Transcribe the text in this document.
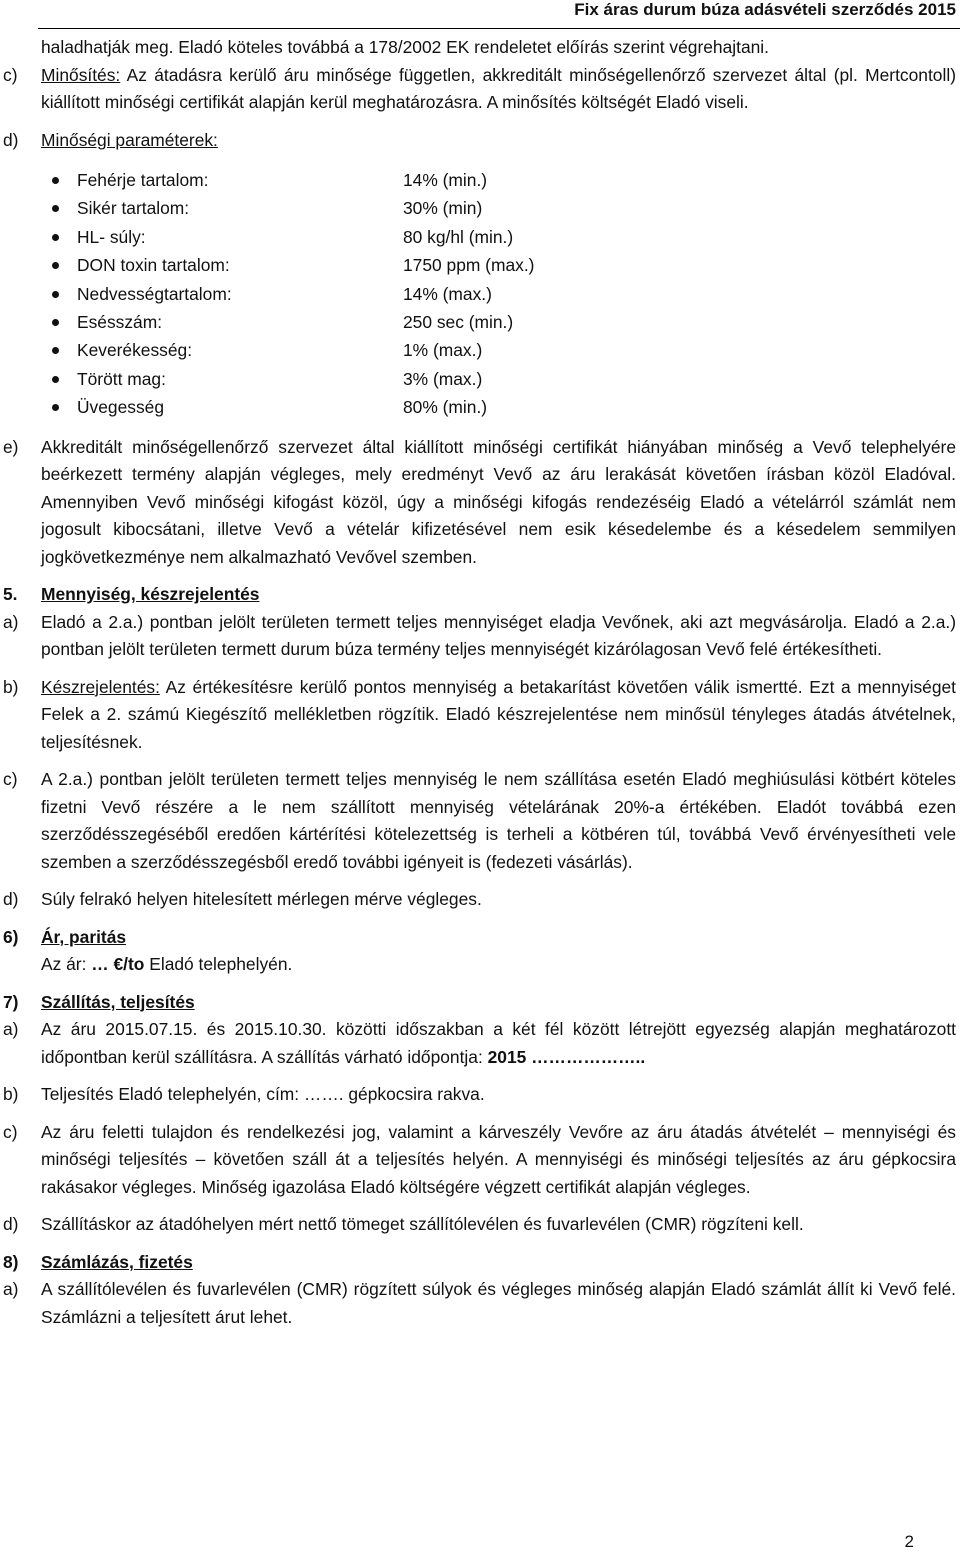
Fix áras durum búza adásvételi szerződés 2015
haladhatják meg. Eladó köteles továbbá a 178/2002 EK rendeletet előírás szerint végrehajtani.
c) Minősítés: Az átadásra kerülő áru minősége független, akkreditált minőségellenőrző szervezet által (pl. Mertcontoll) kiállított minőségi certifikát alapján kerül meghatározásra. A minősítés költségét Eladó viseli.
d) Minőségi paraméterek:
Fehérje tartalom:	14% (min.)
Sikér tartalom:	30% (min)
HL- súly:	80 kg/hl (min.)
DON toxin tartalom:	1750 ppm (max.)
Nedvességtartalom:	14% (max.)
Esésszám:	250 sec (min.)
Keverékesség:	1% (max.)
Törött mag:	3% (max.)
Üvegesség	80% (min.)
e) Akkreditált minőségellenőrző szervezet által kiállított minőségi certifikát hiányában minőség a Vevő telephelyére beérkezett termény alapján végleges, mely eredményt Vevő az áru lerakását követően írásban közöl Eladóval. Amennyiben Vevő minőségi kifogást közöl, úgy a minőségi kifogás rendezéséig Eladó a vételárról számlát nem jogosult kibocsátani, illetve Vevő a vételár kifizetésével nem esik késedelembe és a késedelem semmilyen jogkövetkezménye nem alkalmazható Vevővel szemben.
5. Mennyiség, készrejelentés
a) Eladó a 2.a.) pontban jelölt területen termett teljes mennyiséget eladja Vevőnek, aki azt megvásárolja. Eladó a 2.a.) pontban jelölt területen termett durum búza termény teljes mennyiségét kizárólagosan Vevő felé értékesítheti.
b) Készrejelentés: Az értékesítésre kerülő pontos mennyiség a betakarítást követően válik ismertté. Ezt a mennyiséget Felek a 2. számú Kiegészítő mellékletben rögzítik. Eladó készrejelentése nem minősül tényleges átadás átvételnek, teljesítésnek.
c) A 2.a.) pontban jelölt területen termett teljes mennyiség le nem szállítása esetén Eladó meghiúsulási kötbért köteles fizetni Vevő részére a le nem szállított mennyiség vételárának 20%-a értékében. Eladót továbbá ezen szerződésszegéséből eredően kártérítési kötelezettség is terheli a kötbéren túl, továbbá Vevő érvényesítheti vele szemben a szerződésszegésből eredő további igényeit is (fedezeti vásárlás).
d) Súly felrakó helyen hitelesített mérlegen mérve végleges.
6) Ár, paritás
Az ár: … €/to Eladó telephelyén.
7) Szállítás, teljesítés
a) Az áru 2015.07.15. és 2015.10.30. közötti időszakban a két fél között létrejött egyezség alapján meghatározott időpontban kerül szállításra. A szállítás várható időpontja: 2015 ………………..
b) Teljesítés Eladó telephelyén, cím: ……. gépkocsira rakva.
c) Az áru feletti tulajdon és rendelkezési jog, valamint a kárveszély Vevőre az áru átadás átvételét – mennyiségi és minőségi teljesítés – követően száll át a teljesítés helyén. A mennyiségi és minőségi teljesítés az áru gépkocsira rakásakor végleges. Minőség igazolása Eladó költségére végzett certifikát alapján végleges.
d) Szállításkor az átadóhelyen mért nettő tömeget szállítólevélen és fuvarlevélen (CMR) rögzíteni kell.
8) Számlázás, fizetés
a) A szállítólevélen és fuvarlevélen (CMR) rögzített súlyok és végleges minőség alapján Eladó számlát állít ki Vevő felé. Számlázni a teljesített árut lehet.
2
